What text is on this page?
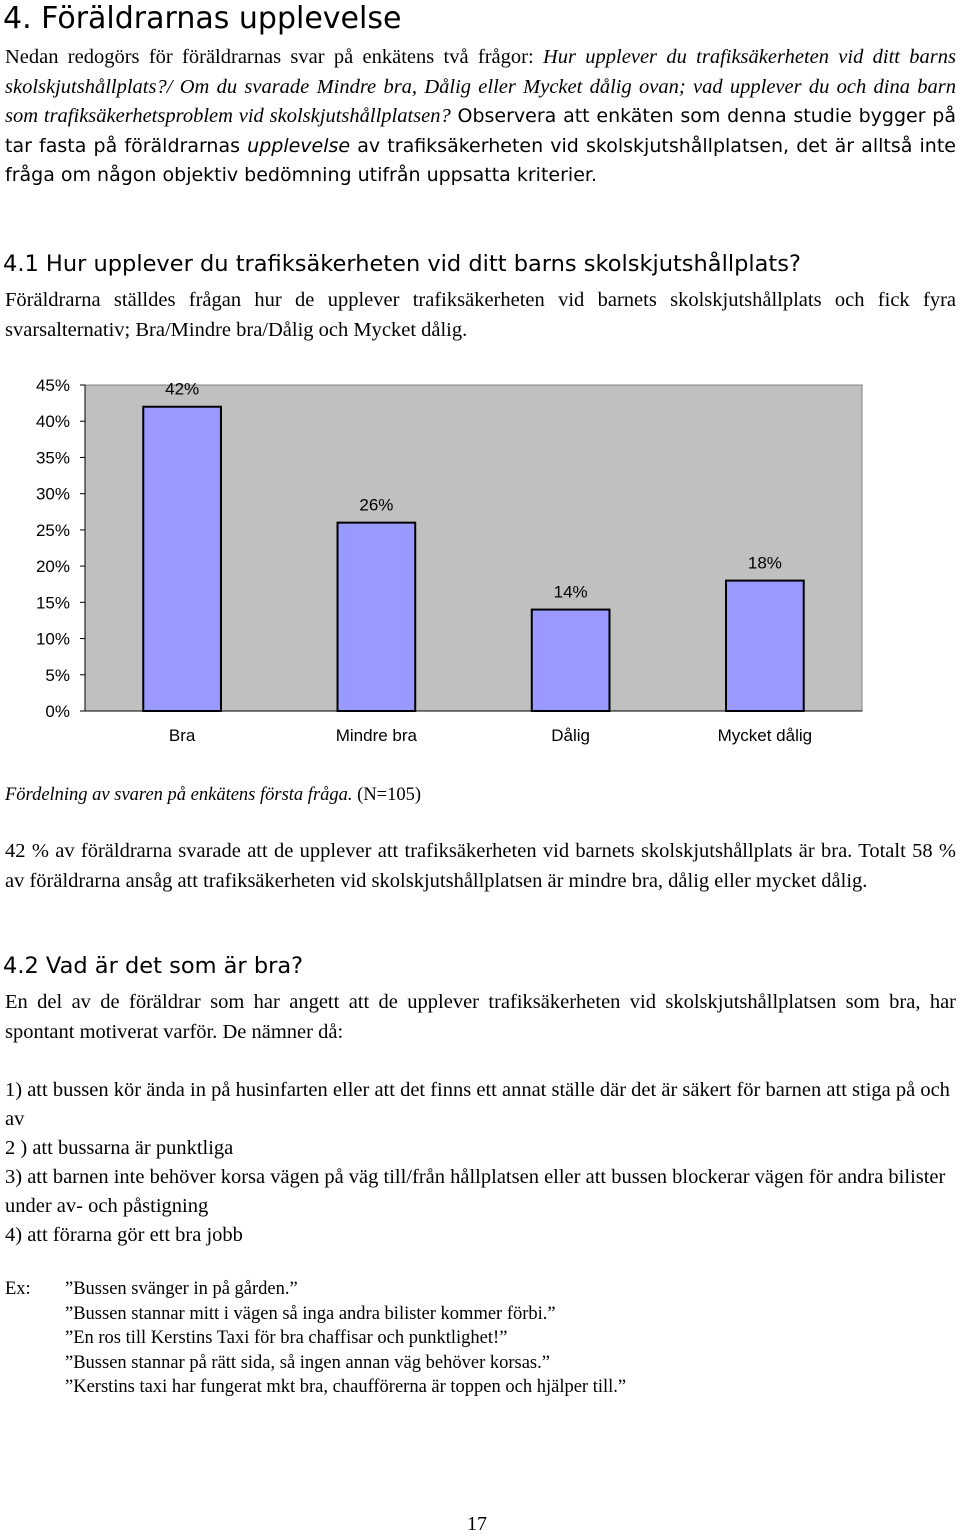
4. Föräldrarnas upplevelse

Nedan redogörs för föräldrarnas svar på enkätens två frågor: Hur upplever du trafiksäkerheten vid ditt barns skolskjutshållplats?/ Om du svarade Mindre bra, Dålig eller Mycket dålig ovan; vad upplever du och dina barn som trafiksäkerhetsproblem vid skolskjutshållplatsen? Observera att enkäten som denna studie bygger på tar fasta på föräldrarnas upplevelse av trafiksäkerheten vid skolskjutshållplatsen, det är alltså inte fråga om någon objektiv bedömning utifrån uppsatta kriterier.

4.1 Hur upplever du trafiksäkerheten vid ditt barns skolskjutshållplats?

Föräldrarna ställdes frågan hur de upplever trafiksäkerheten vid barnets skolskjutshållplats och fick fyra svarsalternativ; Bra/Mindre bra/Dålig och Mycket dålig.

0%
5%
10%
15%
20%
25%
30%
35%
40%
45%	42%
26%
14%
18%
Bra	Mindre bra	Dålig	Mycket dålig

Fördelning av svaren på enkätens första fråga. (N=105)

42 % av föräldrarna svarade att de upplever att trafiksäkerheten vid barnets skolskjutshållplats är bra. Totalt 58 % av föräldrarna ansåg att trafiksäkerheten vid skolskjutshållplatsen är mindre bra, dålig eller mycket dålig.

4.2 Vad är det som är bra?

En del av de föräldrar som har angett att de upplever trafiksäkerheten vid skolskjutshållplatsen som bra, har spontant motiverat varför. De nämner då:

1) att bussen kör ända in på husinfarten eller att det finns ett annat ställe där det är säkert för barnen att stiga på och av
2 ) att bussarna är punktliga
3) att barnen inte behöver korsa vägen på väg till/från hållplatsen eller att bussen blockerar vägen för andra bilister under av- och påstigning
4) att förarna gör ett bra jobb
Ex: ”Bussen svänger in på gården.”
”Bussen stannar mitt i vägen så inga andra bilister kommer förbi.”
”En ros till Kerstins Taxi för bra chaffisar och punktlighet!”
”Bussen stannar på rätt sida, så ingen annan väg behöver korsas.”
”Kerstins taxi har fungerat mkt bra, chaufförerna är toppen och hjälper till.”
17
